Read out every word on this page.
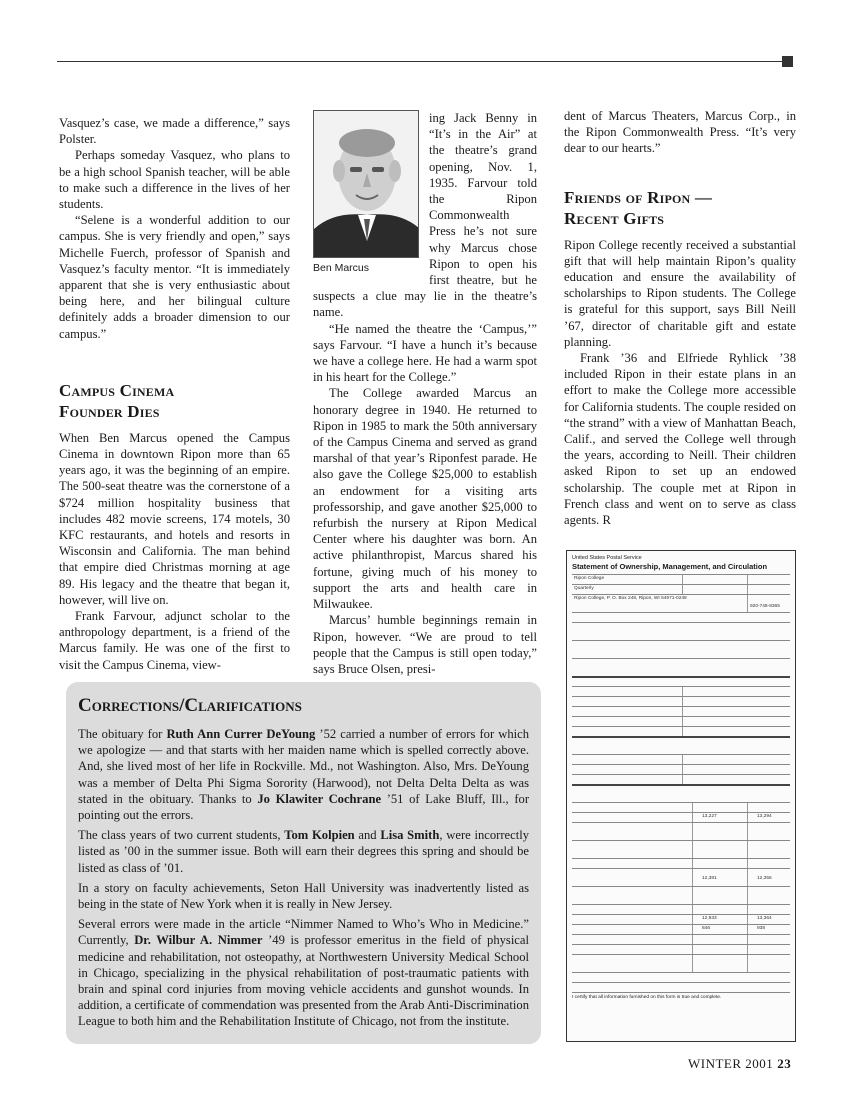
Vasquez’s case, we made a difference,” says Polster.

Perhaps someday Vasquez, who plans to be a high school Spanish teacher, will be able to make such a difference in the lives of her students.

“Selene is a wonderful addition to our campus. She is very friendly and open,” says Michelle Fuerch, professor of Spanish and Vasquez’s faculty mentor. “It is immediately apparent that she is very enthusiastic about being here, and her bilingual culture definitely adds a broader dimension to our campus.”

Campus Cinema
Founder Dies

When Ben Marcus opened the Campus Cinema in downtown Ripon more than 65 years ago, it was the beginning of an empire. The 500-seat theatre was the cornerstone of a $724 million hospitality business that includes 482 movie screens, 174 motels, 30 KFC restaurants, and hotels and resorts in Wisconsin and California. The man behind that empire died Christmas morning at age 89. His legacy and the theatre that began it, however, will live on.

Frank Farvour, adjunct scholar to the anthropology department, is a friend of the Marcus family. He was one of the first to visit the Campus Cinema, view-

Ben Marcus

ing Jack Benny in “It’s in the Air” at the theatre’s grand opening, Nov. 1, 1935. Farvour told the Ripon Commonwealth Press he’s not sure why Marcus chose Ripon to open his first theatre, but he suspects a clue may lie in the theatre’s name.

“He named the theatre the ‘Campus,’” says Farvour. “I have a hunch it’s because we have a college here. He had a warm spot in his heart for the College.”

The College awarded Marcus an honorary degree in 1940. He returned to Ripon in 1985 to mark the 50th anniversary of the Campus Cinema and served as grand marshal of that year’s Riponfest parade. He also gave the College $25,000 to establish an endowment for a visiting arts professorship, and gave another $25,000 to refurbish the nursery at Ripon Medical Center where his daughter was born. An active philanthropist, Marcus shared his fortune, giving much of his money to support the arts and health care in Milwaukee.

Marcus’ humble beginnings remain in Ripon, however. “We are proud to tell people that the Campus is still open today,” says Bruce Olsen, presi-

dent of Marcus Theaters, Marcus Corp., in the Ripon Commonwealth Press. “It’s very dear to our hearts.”

Friends of Ripon —
Recent Gifts

Ripon College recently received a substantial gift that will help maintain Ripon’s quality education and ensure the availability of scholarships to Ripon students. The College is grateful for this support, says Bill Neill ’67, director of charitable gift and estate planning.

Frank ’36 and Elfriede Ryhlick ’38 included Ripon in their estate plans in an effort to make the College more accessible for California students. The couple resided on “the strand” with a view of Manhattan Beach, Calif., and served the College well through the years, according to Neill. Their children asked Ripon to set up an endowed scholarship. The couple met at Ripon in French class and went on to serve as class agents. R

United States Postal Service
Statement of Ownership, Management, and Circulation
Ripon College
Quarterly
Ripon College, P. O. Box 248, Ripon, WI 54971-0248
920-748-8365
13,227	13,294
12,381	12,356
12,933	13,364
846	938
I certify that all information furnished on this form is true and complete.
Corrections/Clarifications

The obituary for Ruth Ann Currer DeYoung ’52 carried a number of errors for which we apologize — and that starts with her maiden name which is spelled correctly above. And, she lived most of her life in Rockville. Md., not Washington. Also, Mrs. DeYoung was a member of Delta Phi Sigma Sorority (Harwood), not Delta Delta Delta as was stated in the obituary. Thanks to Jo Klawiter Cochrane ’51 of Lake Bluff, Ill., for pointing out the errors.

The class years of two current students, Tom Kolpien and Lisa Smith, were incorrectly listed as ’00 in the summer issue. Both will earn their degrees this spring and should be listed as class of ’01.

In a story on faculty achievements, Seton Hall University was inadvertently listed as being in the state of New York when it is really in New Jersey.

Several errors were made in the article “Nimmer Named to Who’s Who in Medicine.” Currently, Dr. Wilbur A. Nimmer ’49 is professor emeritus in the field of physical medicine and rehabilitation, not osteopathy, at Northwestern University Medical School in Chicago, specializing in the physical rehabilitation of post-traumatic patients with brain and spinal cord injuries from moving vehicle accidents and gunshot wounds. In addition, a certificate of commendation was presented from the Arab Anti-Discrimination League to both him and the Rehabilitation Institute of Chicago, not from the institute.

WINTER 2001 23
